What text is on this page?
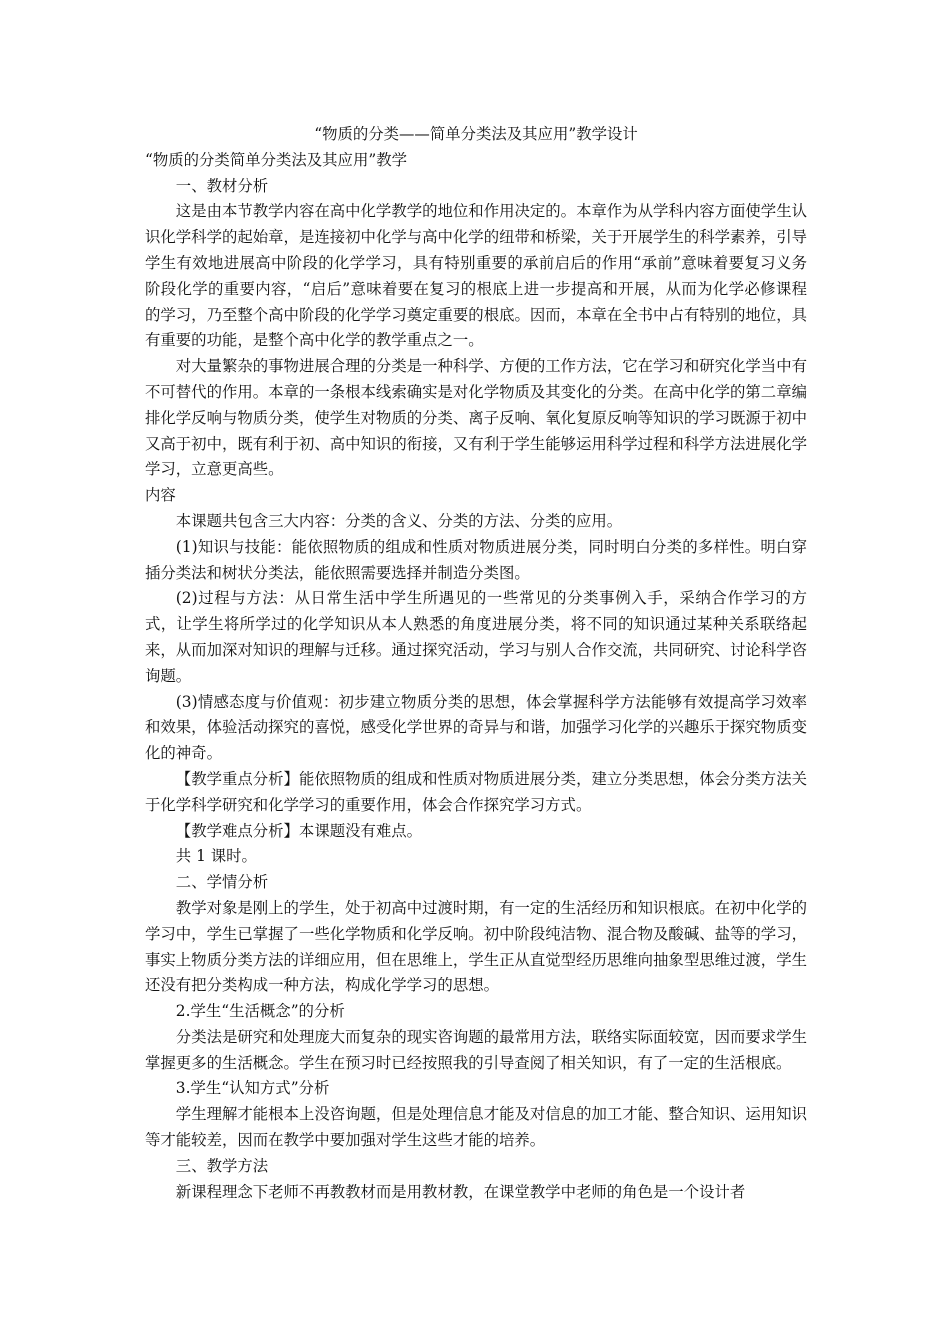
“物质的分类——简单分类法及其应用”教学设计

“物质的分类简单分类法及其应用”教学

一、教材分析

这是由本节教学内容在高中化学教学的地位和作用决定的。本章作为从学科内容方面使学生认识化学科学的起始章，是连接初中化学与高中化学的纽带和桥梁，关于开展学生的科学素养，引导学生有效地进展高中阶段的化学学习，具有特别重要的承前启后的作用“承前”意味着要复习义务阶段化学的重要内容，“启后”意味着要在复习的根底上进一步提高和开展，从而为化学必修课程的学习，乃至整个高中阶段的化学学习奠定重要的根底。因而，本章在全书中占有特别的地位，具有重要的功能，是整个高中化学的教学重点之一。

对大量繁杂的事物进展合理的分类是一种科学、方便的工作方法，它在学习和研究化学当中有不可替代的作用。本章的一条根本线索确实是对化学物质及其变化的分类。在高中化学的第二章编排化学反响与物质分类，使学生对物质的分类、离子反响、氧化复原反响等知识的学习既源于初中又高于初中，既有利于初、高中知识的衔接，又有利于学生能够运用科学过程和科学方法进展化学学习，立意更高些。

内容

本课题共包含三大内容：分类的含义、分类的方法、分类的应用。

(1)知识与技能：能依照物质的组成和性质对物质进展分类，同时明白分类的多样性。明白穿插分类法和树状分类法，能依照需要选择并制造分类图。

(2)过程与方法：从日常生活中学生所遇见的一些常见的分类事例入手，采纳合作学习的方式，让学生将所学过的化学知识从本人熟悉的角度进展分类，将不同的知识通过某种关系联络起来，从而加深对知识的理解与迁移。通过探究活动，学习与别人合作交流，共同研究、讨论科学咨询题。

(3)情感态度与价值观：初步建立物质分类的思想，体会掌握科学方法能够有效提高学习效率和效果，体验活动探究的喜悦，感受化学世界的奇异与和谐，加强学习化学的兴趣乐于探究物质变化的神奇。

【教学重点分析】能依照物质的组成和性质对物质进展分类，建立分类思想，体会分类方法关于化学科学研究和化学学习的重要作用，体会合作探究学习方式。

【教学难点分析】本课题没有难点。

共 1 课时。

二、学情分析

教学对象是刚上的学生，处于初高中过渡时期，有一定的生活经历和知识根底。在初中化学的学习中，学生已掌握了一些化学物质和化学反响。初中阶段纯洁物、混合物及酸碱、盐等的学习，事实上物质分类方法的详细应用，但在思维上，学生正从直觉型经历思维向抽象型思维过渡，学生还没有把分类构成一种方法，构成化学学习的思想。

2.学生“生活概念”的分析

分类法是研究和处理庞大而复杂的现实咨询题的最常用方法，联络实际面较宽，因而要求学生掌握更多的生活概念。学生在预习时已经按照我的引导查阅了相关知识，有了一定的生活根底。

3.学生“认知方式”分析

学生理解才能根本上没咨询题，但是处理信息才能及对信息的加工才能、整合知识、运用知识等才能较差，因而在教学中要加强对学生这些才能的培养。

三、教学方法

新课程理念下老师不再教教材而是用教材教，在课堂教学中老师的角色是一个设计者
